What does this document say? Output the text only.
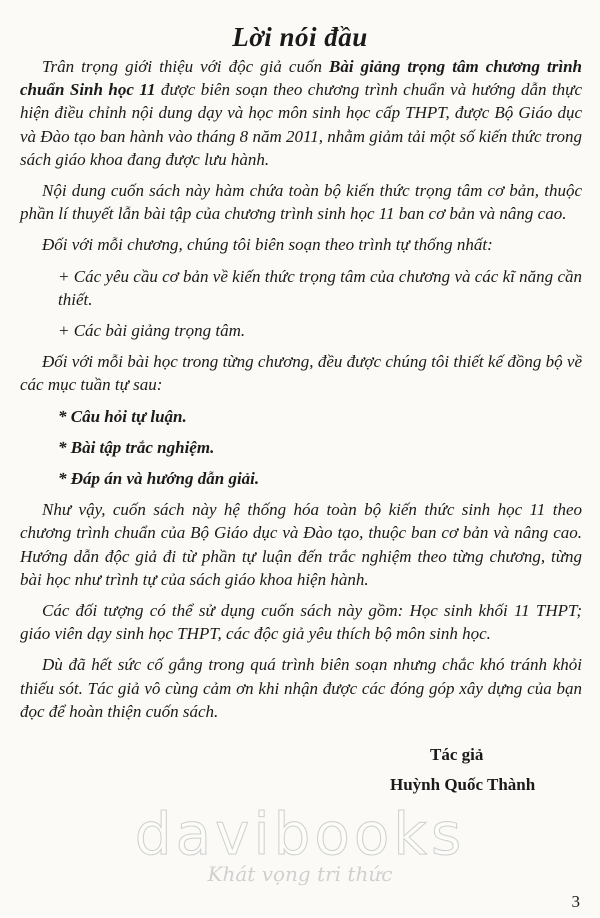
Lời nói đầu

Trân trọng giới thiệu với độc giả cuốn Bài giảng trọng tâm chương trình chuẩn Sinh học 11 được biên soạn theo chương trình chuẩn và hướng dẫn thực hiện điều chỉnh nội dung dạy và học môn sinh học cấp THPT, được Bộ Giáo dục và Đào tạo ban hành vào tháng 8 năm 2011, nhằm giảm tải một số kiến thức trong sách giáo khoa đang được lưu hành.

Nội dung cuốn sách này hàm chứa toàn bộ kiến thức trọng tâm cơ bản, thuộc phần lí thuyết lẫn bài tập của chương trình sinh học 11 ban cơ bản và nâng cao.

Đối với mỗi chương, chúng tôi biên soạn theo trình tự thống nhất:

+ Các yêu cầu cơ bản về kiến thức trọng tâm của chương và các kĩ năng cần thiết.

+ Các bài giảng trọng tâm.

Đối với mỗi bài học trong từng chương, đều được chúng tôi thiết kế đồng bộ về các mục tuần tự sau:

* Câu hỏi tự luận.

* Bài tập trắc nghiệm.

* Đáp án và hướng dẫn giải.

Như vậy, cuốn sách này hệ thống hóa toàn bộ kiến thức sinh học 11 theo chương trình chuẩn của Bộ Giáo dục và Đào tạo, thuộc ban cơ bản và nâng cao. Hướng dẫn độc giả đi từ phần tự luận đến trắc nghiệm theo từng chương, từng bài học như trình tự của sách giáo khoa hiện hành.

Các đối tượng có thể sử dụng cuốn sách này gồm: Học sinh khối 11 THPT; giáo viên dạy sinh học THPT, các độc giả yêu thích bộ môn sinh học.

Dù đã hết sức cố gắng trong quá trình biên soạn nhưng chắc khó tránh khỏi thiếu sót. Tác giả vô cùng cảm ơn khi nhận được các đóng góp xây dựng của bạn đọc để hoàn thiện cuốn sách.

Tác giả
Huỳnh Quốc Thành
davibooks
Khát vọng tri thức
3
